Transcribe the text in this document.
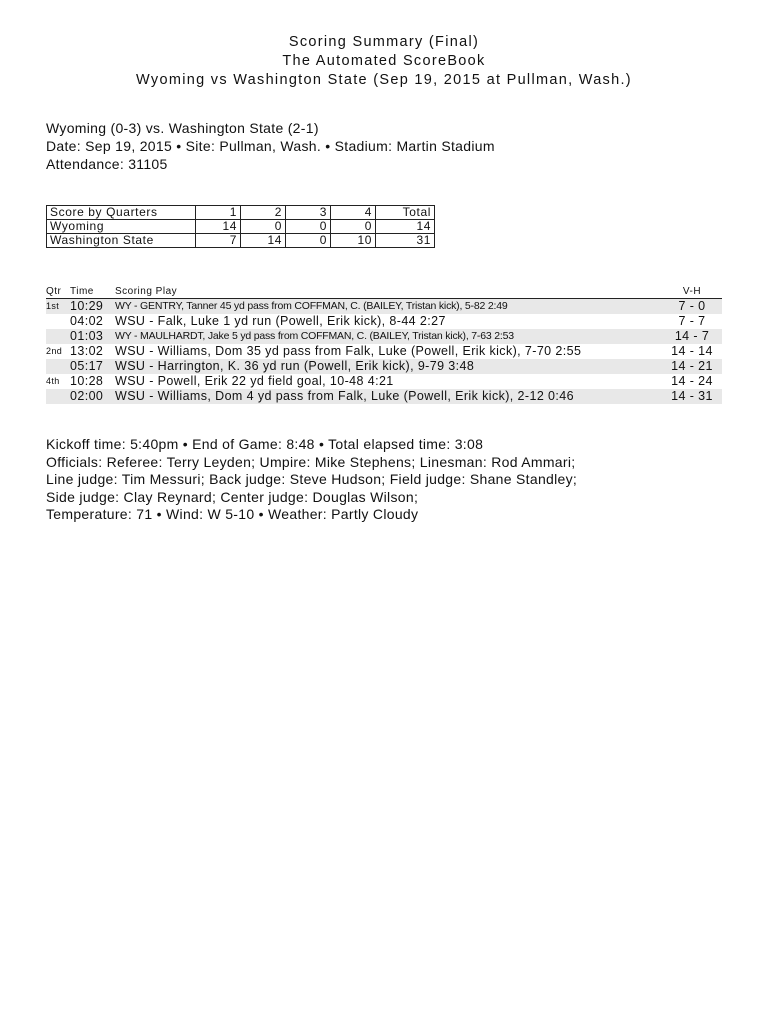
Scoring Summary (Final)
The Automated ScoreBook
Wyoming vs Washington State (Sep 19, 2015 at Pullman, Wash.)
Wyoming (0-3) vs. Washington State (2-1)
Date: Sep 19, 2015 • Site: Pullman, Wash. • Stadium: Martin Stadium
Attendance: 31105
Score by Quarters	1	2	3	4	Total
Wyoming	14	0	0	0	14
Washington State	7	14	0	10	31
Qtr Time	Scoring Play	V-H
1st 10:29	WY - GENTRY, Tanner 45 yd pass from COFFMAN, C. (BAILEY, Tristan kick), 5-82 2:49	7 - 0
04:02 WSU - Falk, Luke 1 yd run (Powell, Erik kick), 8-44 2:27	7 - 7
01:03	WY - MAULHARDT, Jake 5 yd pass from COFFMAN, C. (BAILEY, Tristan kick), 7-63 2:53	14 - 7
2nd 13:02 WSU - Williams, Dom 35 yd pass from Falk, Luke (Powell, Erik kick), 7-70 2:55	14 - 14
05:17 WSU - Harrington, K. 36 yd run (Powell, Erik kick), 9-79 3:48	14 - 21
4th 10:28 WSU - Powell, Erik 22 yd field goal, 10-48 4:21	14 - 24
02:00 WSU - Williams, Dom 4 yd pass from Falk, Luke (Powell, Erik kick), 2-12 0:46	14 - 31
Kickoff time: 5:40pm • End of Game: 8:48 • Total elapsed time: 3:08
Officials: Referee: Terry Leyden; Umpire: Mike Stephens; Linesman: Rod Ammari;
Line judge: Tim Messuri; Back judge: Steve Hudson; Field judge: Shane Standley;
Side judge: Clay Reynard; Center judge: Douglas Wilson;
Temperature: 71 • Wind: W 5-10 • Weather: Partly Cloudy
